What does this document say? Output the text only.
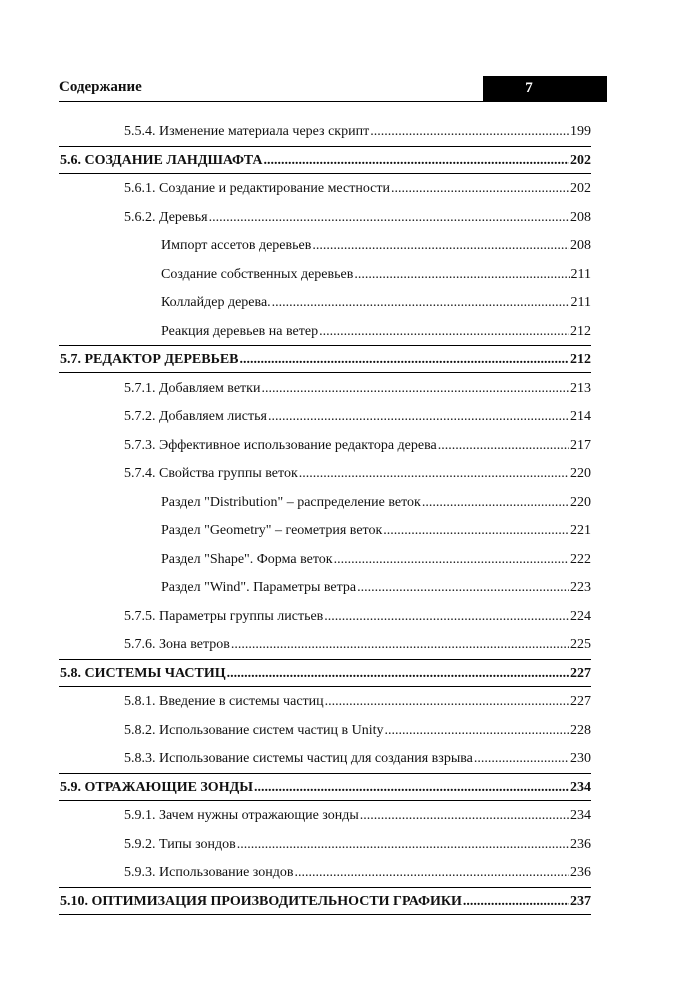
Содержание	7
5.5.4. Изменение материала через скрипт .....	199
5.6. СОЗДАНИЕ ЛАНДШАФТА .....	202
5.6.1. Создание и редактирование местности .....	202
5.6.2. Деревья .....	208
Импорт ассетов деревьев .....	208
Создание собственных деревьев .....	211
Коллайдер дерева. .....	211
Реакция деревьев на ветер .....	212
5.7. РЕДАКТОР ДЕРЕВЬЕВ .....	212
5.7.1. Добавляем ветки .....	213
5.7.2. Добавляем листья .....	214
5.7.3. Эффективное использование редактора дерева .....	217
5.7.4. Свойства группы веток .....	220
Раздел "Distribution" – распределение веток .....	220
Раздел "Geometry" – геометрия веток .....	221
Раздел "Shape". Форма веток .....	222
Раздел "Wind". Параметры ветра .....	223
5.7.5. Параметры группы листьев .....	224
5.7.6. Зона ветров .....	225
5.8. СИСТЕМЫ ЧАСТИЦ .....	227
5.8.1. Введение в системы частиц .....	227
5.8.2. Использование систем частиц в Unity .....	228
5.8.3. Использование системы частиц для создания взрыва .....	230
5.9. ОТРАЖАЮЩИЕ ЗОНДЫ .....	234
5.9.1. Зачем нужны отражающие зонды .....	234
5.9.2. Типы зондов .....	236
5.9.3. Использование зондов .....	236
5.10. ОПТИМИЗАЦИЯ ПРОИЗВОДИТЕЛЬНОСТИ ГРАФИКИ .....	237
